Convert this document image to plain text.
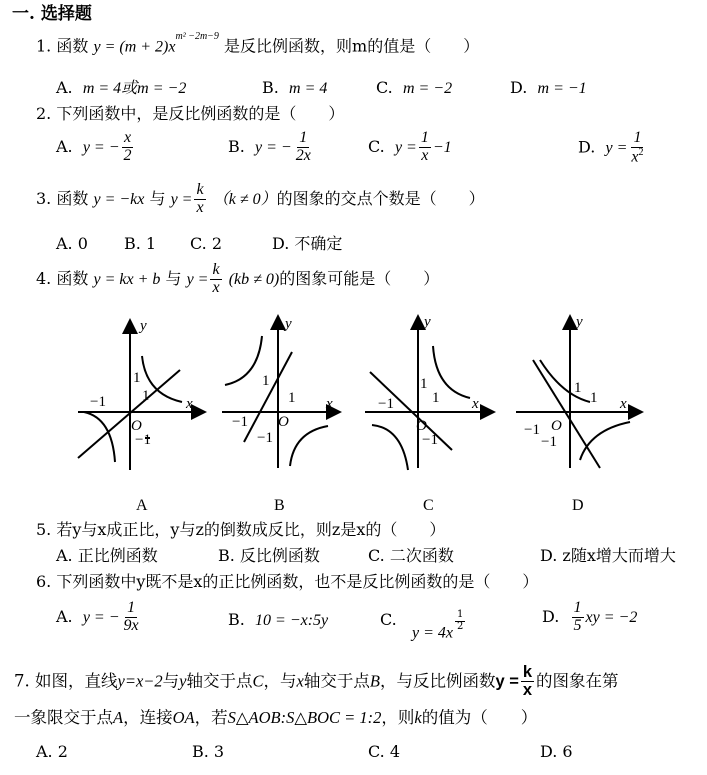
一. 选择题
1. 函数 $y = (m + 2)x^{m^2 -2m-9}$ 是反比例函数，则m的值是（　　）
A. m = 4或m = −2	B. m = 4	C. m = −2	D. m = −1
2. 下列函数中，是反比例函数的是（　　）
A. y = − $\frac{x}{2}$	B. y = − $\frac{1}{2x}$	C. $y = \frac{1}{x} -1$	D. $y = \frac{1}{x^2}$
3. 函数 y = −kx 与 $y = \frac{k}{x} (k \ne 0)$的图象的交点个数是（　　）
A. 0 B. 1 C. 2	D. 不确定
4. 函数 y = kx + b 与 $y = \frac{k}{x} (kb \ne 0)$的图象可能是（　　）
y
x
1
1
−1
O
−1
y
x
1
1
−1 O
−1
y
x
1
1
−1
O
−1
y
x
1
1
−1 O
−1
A	B	C	D
5. 若y与x成正比，y与z的倒数成反比，则z是x的（　　）
A. 正比例函数	B. 反比例函数	C. 二次函数	D. z随x增大而增大
6. 下列函数中y既不是x的正比例函数，也不是反比例函数的是（　　）
A. y = − $\frac{1}{9x}$	B. 10 = −x:5y	C.
y = 4x
$\frac{1}{2}$	D. $\frac{1}{5}$ xy = −2
7. 如图，直线y=x−2与y轴交于点C，与x轴交于点B，与反比例函数$y = \frac{k}{x}$ 的图象在第
一象限交于点A，连接OA，若S△AOB:S△BOC = 1:2，则k的值为（　　）
A. 2	B. 3	C. 4	D. 6
